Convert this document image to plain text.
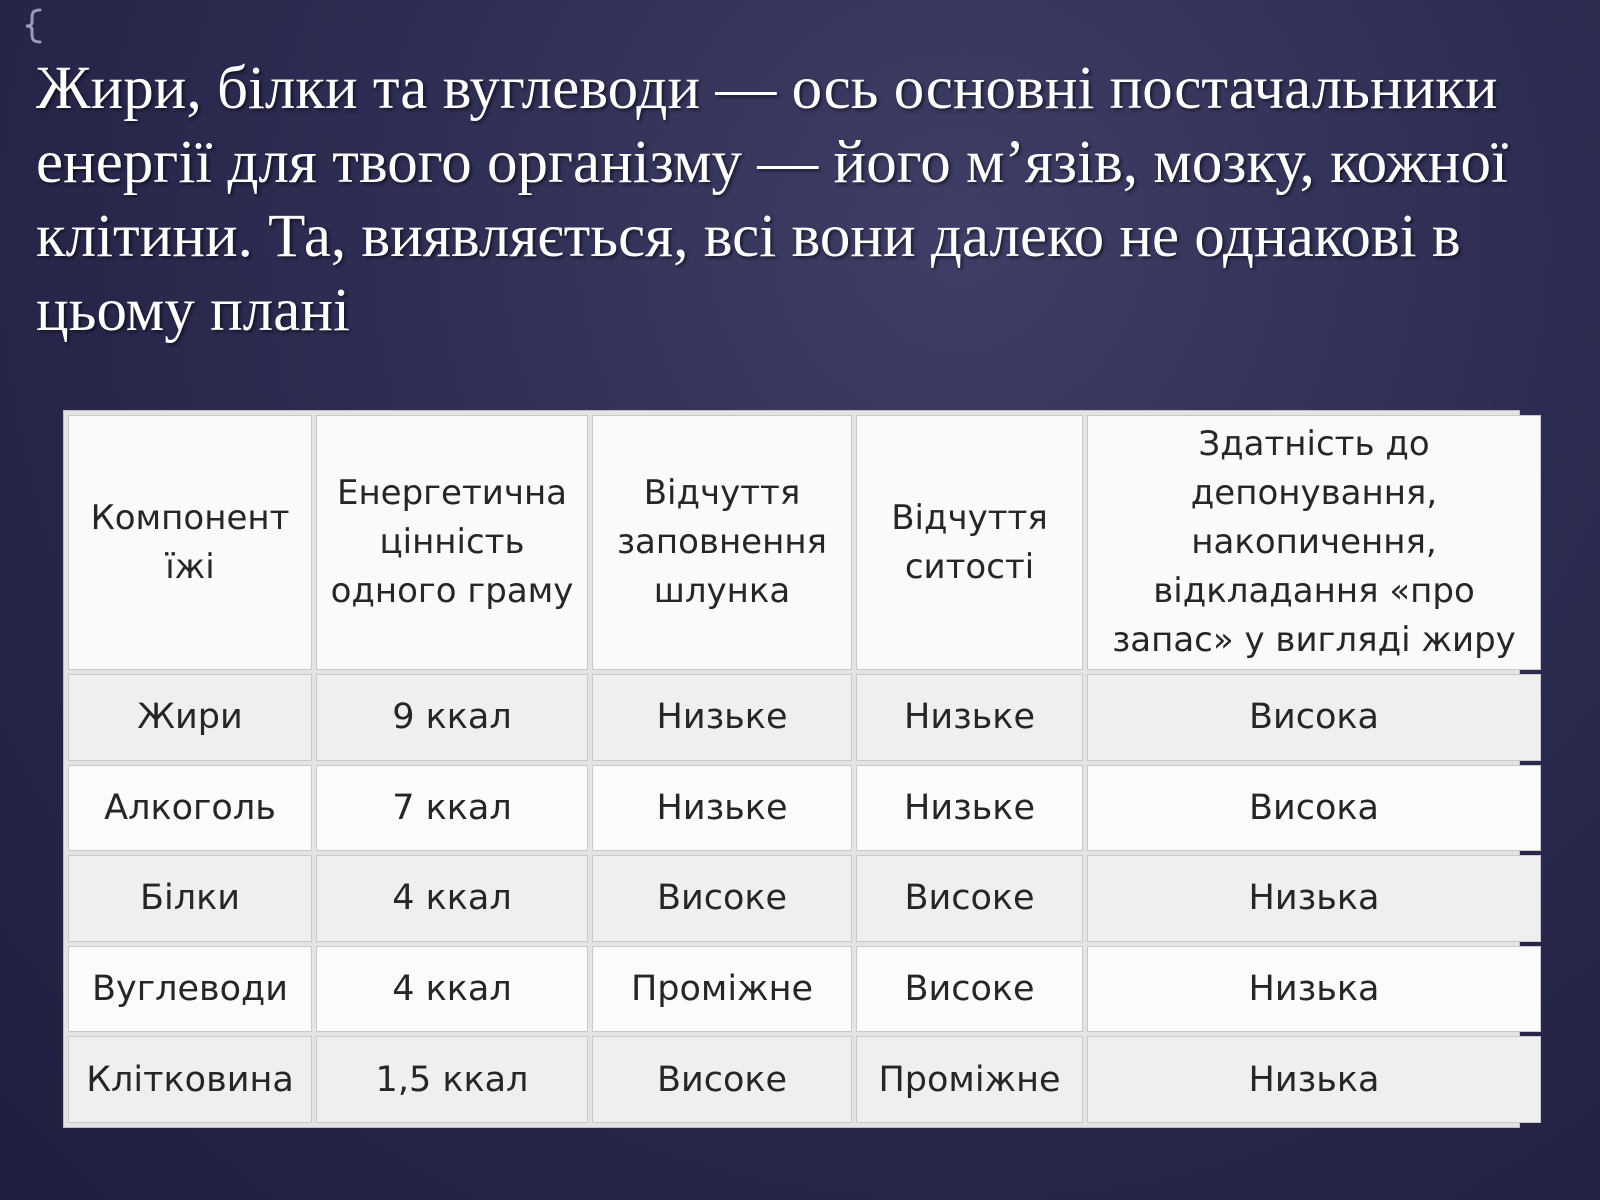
Жири, білки та вуглеводи — ось основні постачальники енергії для твого організму — його м’язів, мозку, кожної клітини. Та, виявляється, всі вони далеко не однакові в цьому плані
Компонент їжі	Енергетична цінність одного граму	Відчуття заповнення шлунка	Відчуття ситості	Здатність до депонування, накопичення, відкладання «про запас» у вигляді жиру
Жири	9 ккал	Низьке	Низьке	Висока
Алкоголь	7 ккал	Низьке	Низьке	Висока
Білки	4 ккал	Високе	Високе	Низька
Вуглеводи	4 ккал	Проміжне	Високе	Низька
Клітковина	1,5 ккал	Високе	Проміжне	Низька
